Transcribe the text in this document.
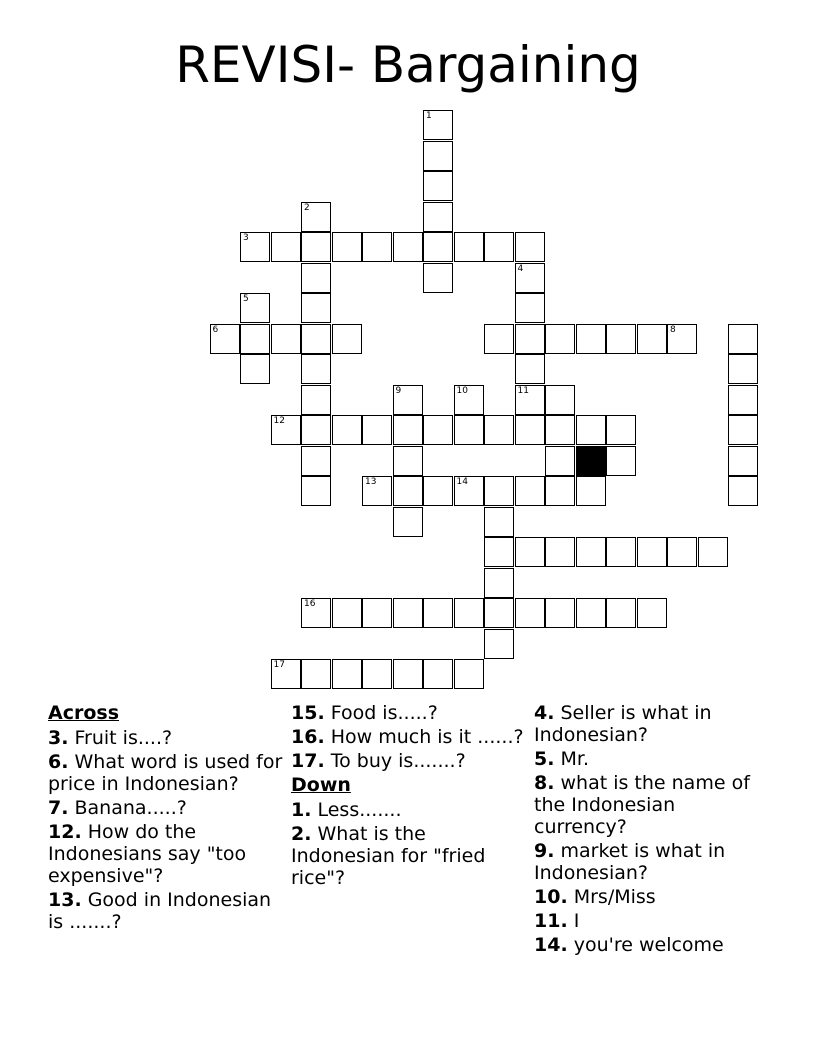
REVISI- Bargaining
1
2
3
4
5
6	8
9	10	11
12
13	14
16
17
Across
3. Fruit is....?
6. What word is used for price in Indonesian?
7. Banana.....?
12. How do the Indonesians say "too expensive"?
13. Good in Indonesian is .......?
15. Food is.....?
16. How much is it ......?
17. To buy is.......?
Down
1. Less.......
2. What is the Indonesian for "fried rice"?
4. Seller is what in Indonesian?
5. Mr.
8. what is the name of the Indonesian currency?
9. market is what in Indonesian?
10. Mrs/Miss
11. I
14. you're welcome
